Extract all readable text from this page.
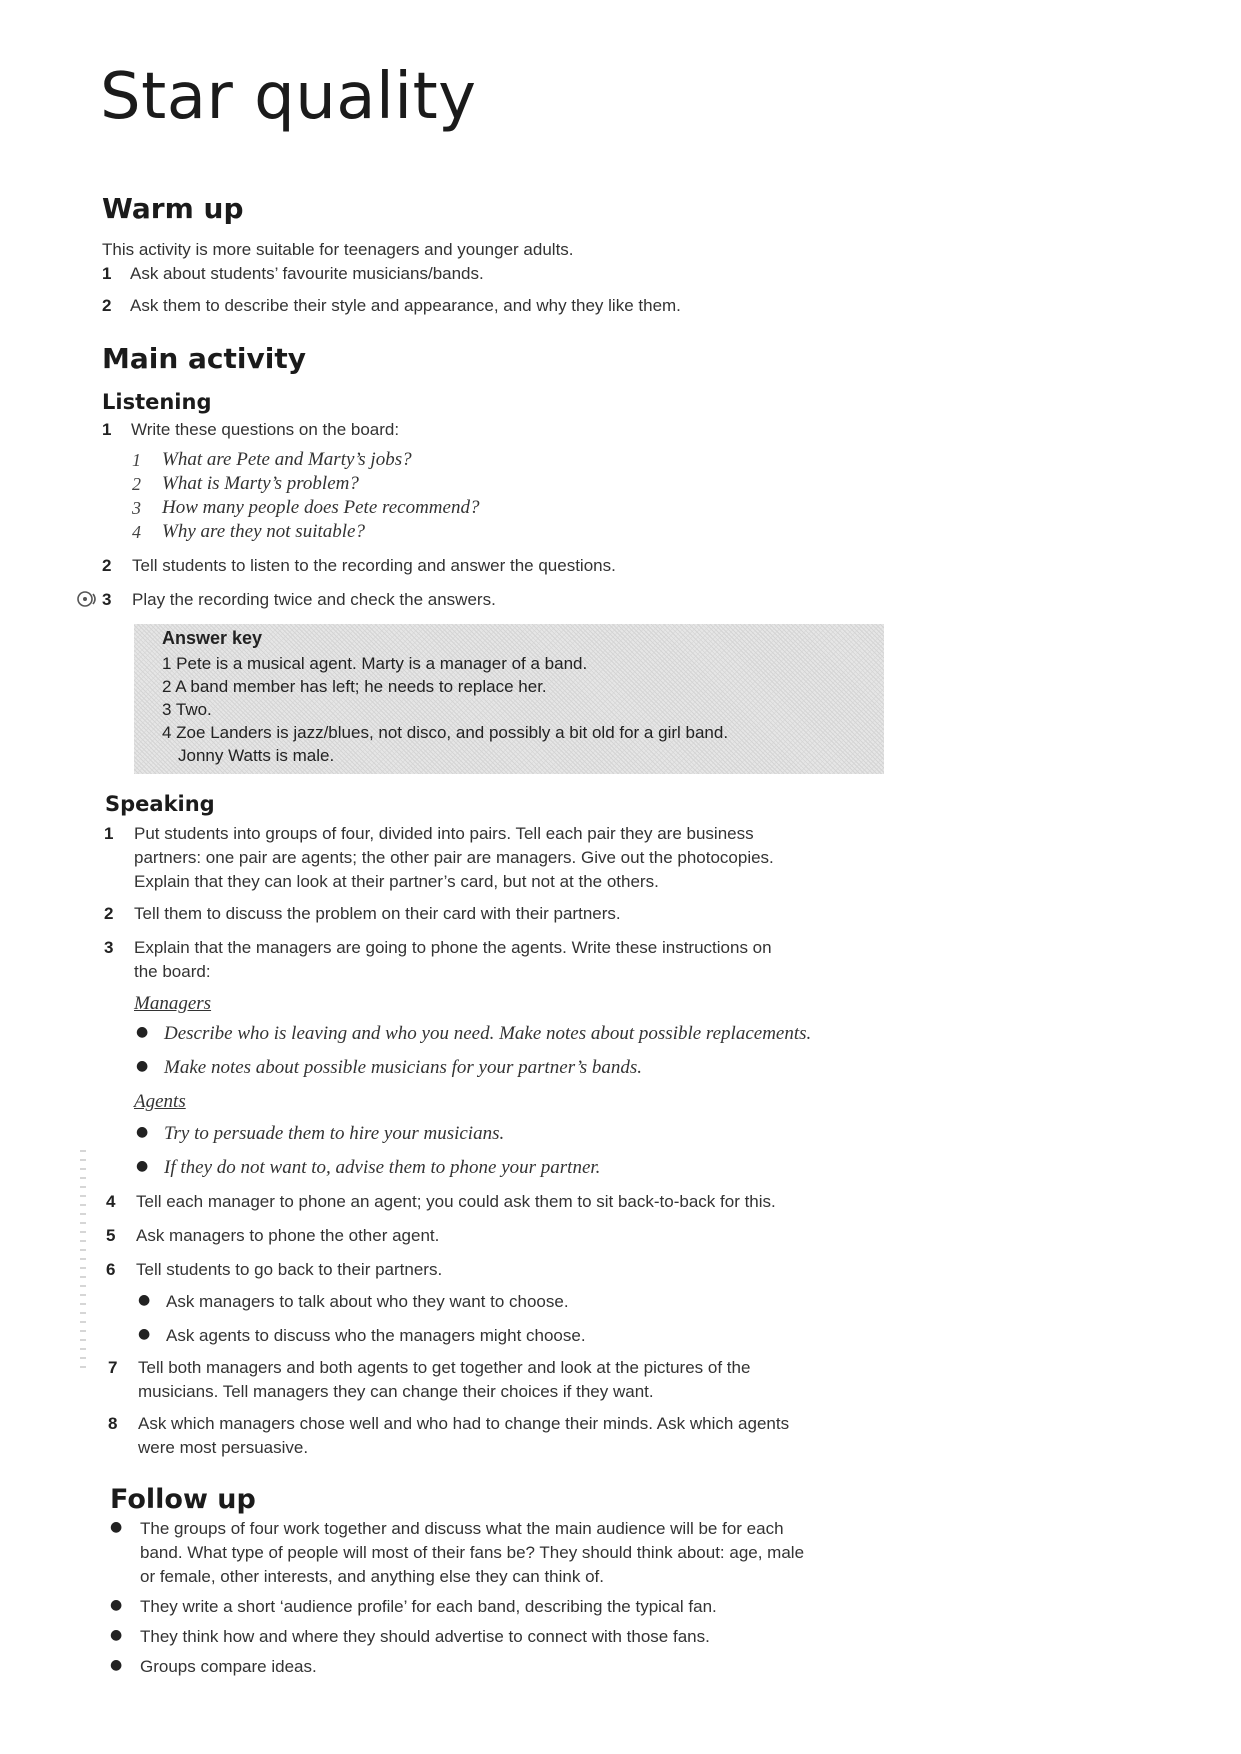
Star quality
Warm up
This activity is more suitable for teenagers and younger adults.
1 Ask about students’ favourite musicians/bands.
2 Ask them to describe their style and appearance, and why they like them.
Main activity
Listening
1 Write these questions on the board:
1 What are Pete and Marty’s jobs?
2 What is Marty’s problem?
3 How many people does Pete recommend?
4 Why are they not suitable?
2 Tell students to listen to the recording and answer the questions.
3 Play the recording twice and check the answers.
Answer key
1 Pete is a musical agent. Marty is a manager of a band.
2 A band member has left; he needs to replace her.
3 Two.
4 Zoe Landers is jazz/blues, not disco, and possibly a bit old for a girl band.
Jonny Watts is male.
Speaking
1 Put students into groups of four, divided into pairs. Tell each pair they are business
partners: one pair are agents; the other pair are managers. Give out the photocopies.
Explain that they can look at their partner’s card, but not at the others.
2 Tell them to discuss the problem on their card with their partners.
3 Explain that the managers are going to phone the agents. Write these instructions on
the board:
Managers
● Describe who is leaving and who you need. Make notes about possible replacements.
● Make notes about possible musicians for your partner’s bands.
Agents
● Try to persuade them to hire your musicians.
● If they do not want to, advise them to phone your partner.
4 Tell each manager to phone an agent; you could ask them to sit back-to-back for this.
5 Ask managers to phone the other agent.
6 Tell students to go back to their partners.
● Ask managers to talk about who they want to choose.
● Ask agents to discuss who the managers might choose.
7 Tell both managers and both agents to get together and look at the pictures of the
musicians. Tell managers they can change their choices if they want.
8 Ask which managers chose well and who had to change their minds. Ask which agents
were most persuasive.
Follow up
● The groups of four work together and discuss what the main audience will be for each
band. What type of people will most of their fans be? They should think about: age, male
or female, other interests, and anything else they can think of.
● They write a short ‘audience profile’ for each band, describing the typical fan.
● They think how and where they should advertise to connect with those fans.
● Groups compare ideas.
